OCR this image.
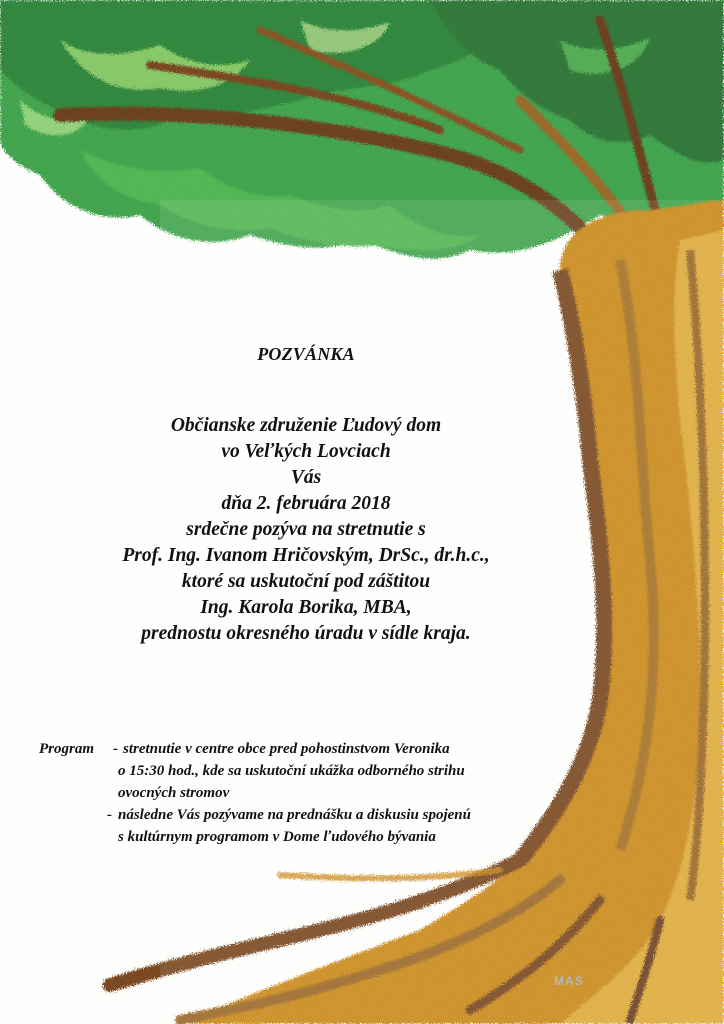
POZVÁNKA
Občianske združenie Ľudový dom
vo Veľkých Lovciach
Vás
dňa 2. februára 2018
srdečne pozýva na stretnutie s
Prof. Ing. Ivanom Hričovským, DrSc., dr.h.c.,
ktoré sa uskutoční pod záštitou
Ing. Karola Borika, MBA,
prednostu okresného úradu v sídle kraja.
Program - stretnutie v centre obce pred pohostinstvom Veronika
o 15:30 hod., kde sa uskutoční ukážka odborného strihu
ovocných stromov
- následne Vás pozývame na prednášku a diskusiu spojenú
s kultúrnym programom v Dome ľudového bývania
MAS
